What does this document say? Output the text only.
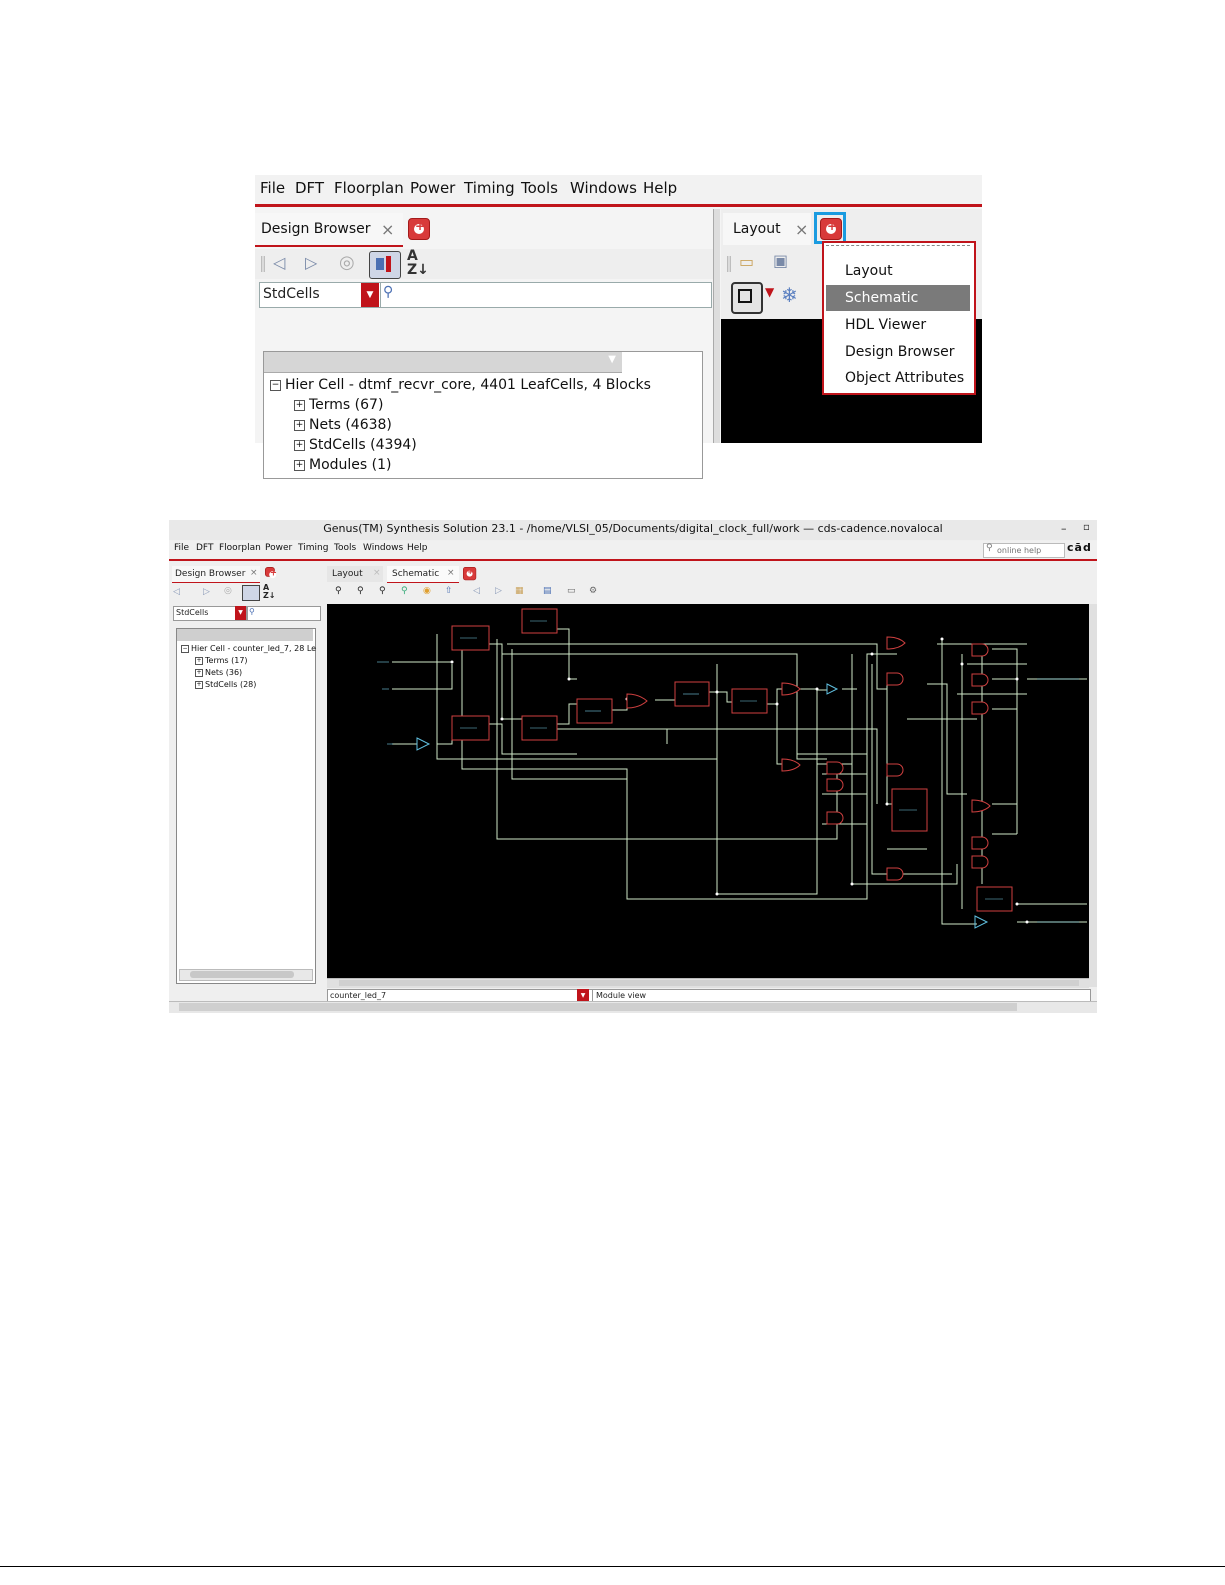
File DFT Floorplan Power Timing Tools Windows Help
Design Browser ×
+
‖ ◁ ▷ ◎	A
Z↓
StdCells	▼ ⚲
▼
− Hier Cell - dtmf_recvr_core, 4401 LeafCells, 4 Blocks
+ Terms (67)
+ Nets (4638)
+ StdCells (4394)
+ Modules (1)
Layout ×
+
‖ ▭ ▣
▼ ❄
Layout
Schematic
HDL Viewer
Design Browser
Object Attributes
Genus(TM) Synthesis Solution 23.1 - /home/VLSI_05/Documents/digital_clock_full/work — cds-cadence.novalocal	– ▫
File DFT Floorplan Power Timing Tools Windows Help	⚲
online help	cād
Design Browser ×
+
◁	▷ ◎	A
Z↓
StdCells	▼ ⚲
− Hier Cell - counter_led_7, 28 Le
+ Terms (17)
+ Nets (36)
+ StdCells (28)
Layout × Schematic ×
+
⚲ ⚲ ⚲ ⚲ ◉ ⇧ ◁ ▷ ▦ ▤ ▭ ⚙
counter_led_7	▼	Module view
